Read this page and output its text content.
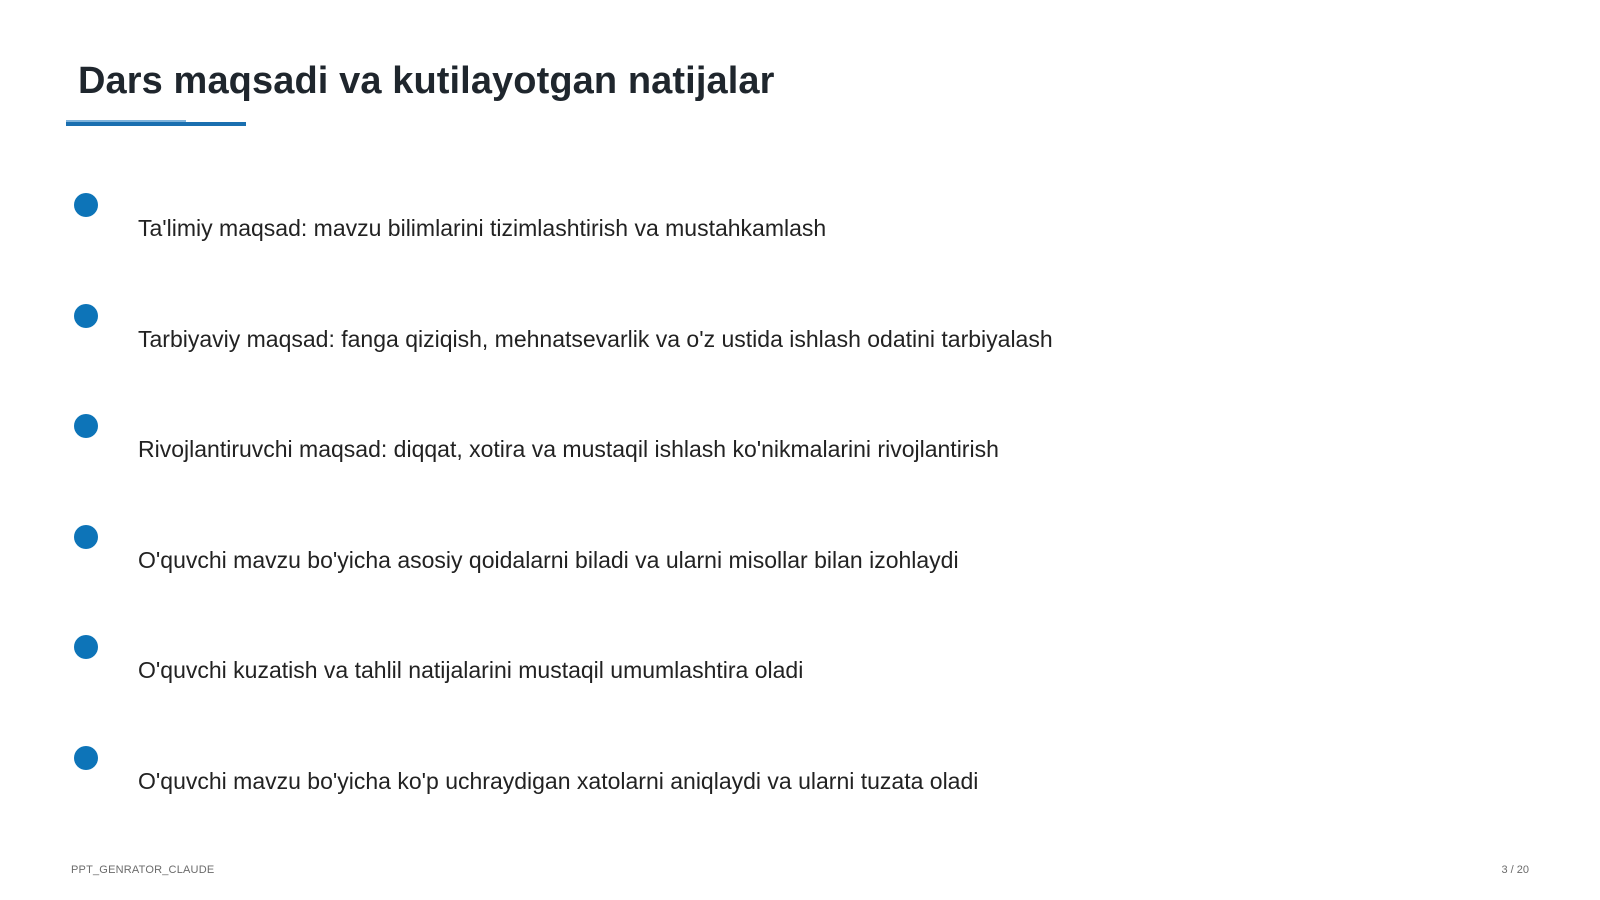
Dars maqsadi va kutilayotgan natijalar
Ta'limiy maqsad: mavzu bilimlarini tizimlashtirish va mustahkamlash
Tarbiyaviy maqsad: fanga qiziqish, mehnatsevarlik va o'z ustida ishlash odatini tarbiyalash
Rivojlantiruvchi maqsad: diqqat, xotira va mustaqil ishlash ko'nikmalarini rivojlantirish
O'quvchi mavzu bo'yicha asosiy qoidalarni biladi va ularni misollar bilan izohlaydi
O'quvchi kuzatish va tahlil natijalarini mustaqil umumlashtira oladi
O'quvchi mavzu bo'yicha ko'p uchraydigan xatolarni aniqlaydi va ularni tuzata oladi
PPT_GENRATOR_CLAUDE	3 / 20
